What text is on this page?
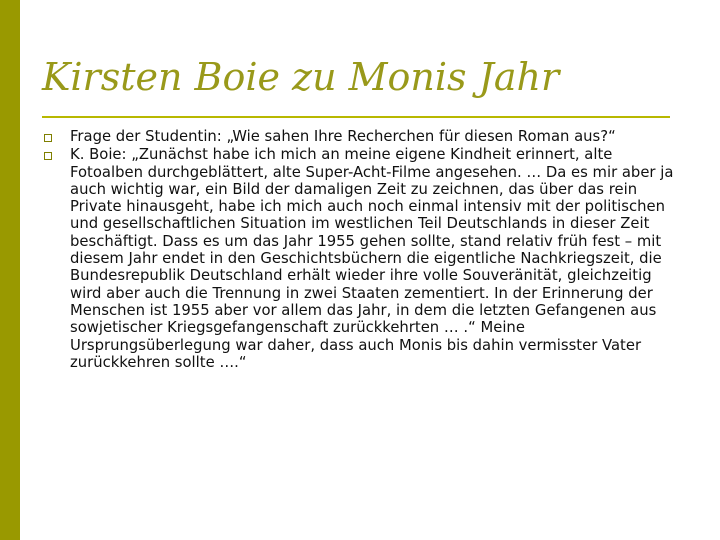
Kirsten Boie zu Monis Jahr
Frage der Studentin: „Wie sahen Ihre Recherchen für diesen Roman aus?“
K. Boie: „Zunächst habe ich mich an meine eigene Kindheit erinnert, alte Fotoalben durchgeblättert, alte Super-Acht-Filme angesehen. … Da es mir aber ja auch wichtig war, ein Bild der damaligen Zeit zu zeichnen, das über das rein Private hinausgeht, habe ich mich auch noch einmal intensiv mit der politischen und gesellschaftlichen Situation im westlichen Teil Deutschlands in dieser Zeit beschäftigt. Dass es um das Jahr 1955 gehen sollte, stand relativ früh fest – mit diesem Jahr endet in den Geschichtsbüchern die eigentliche Nachkriegszeit, die Bundesrepublik Deutschland erhält wieder ihre volle Souveränität, gleichzeitig wird aber auch die Trennung in zwei Staaten zementiert. In der Erinnerung der Menschen ist 1955 aber vor allem das Jahr, in dem die letzten Gefangenen aus sowjetischer Kriegsgefangenschaft zurückkehrten … .“ Meine Ursprungsüberlegung war daher, dass auch Monis bis dahin vermisster Vater zurückkehren sollte ….“
